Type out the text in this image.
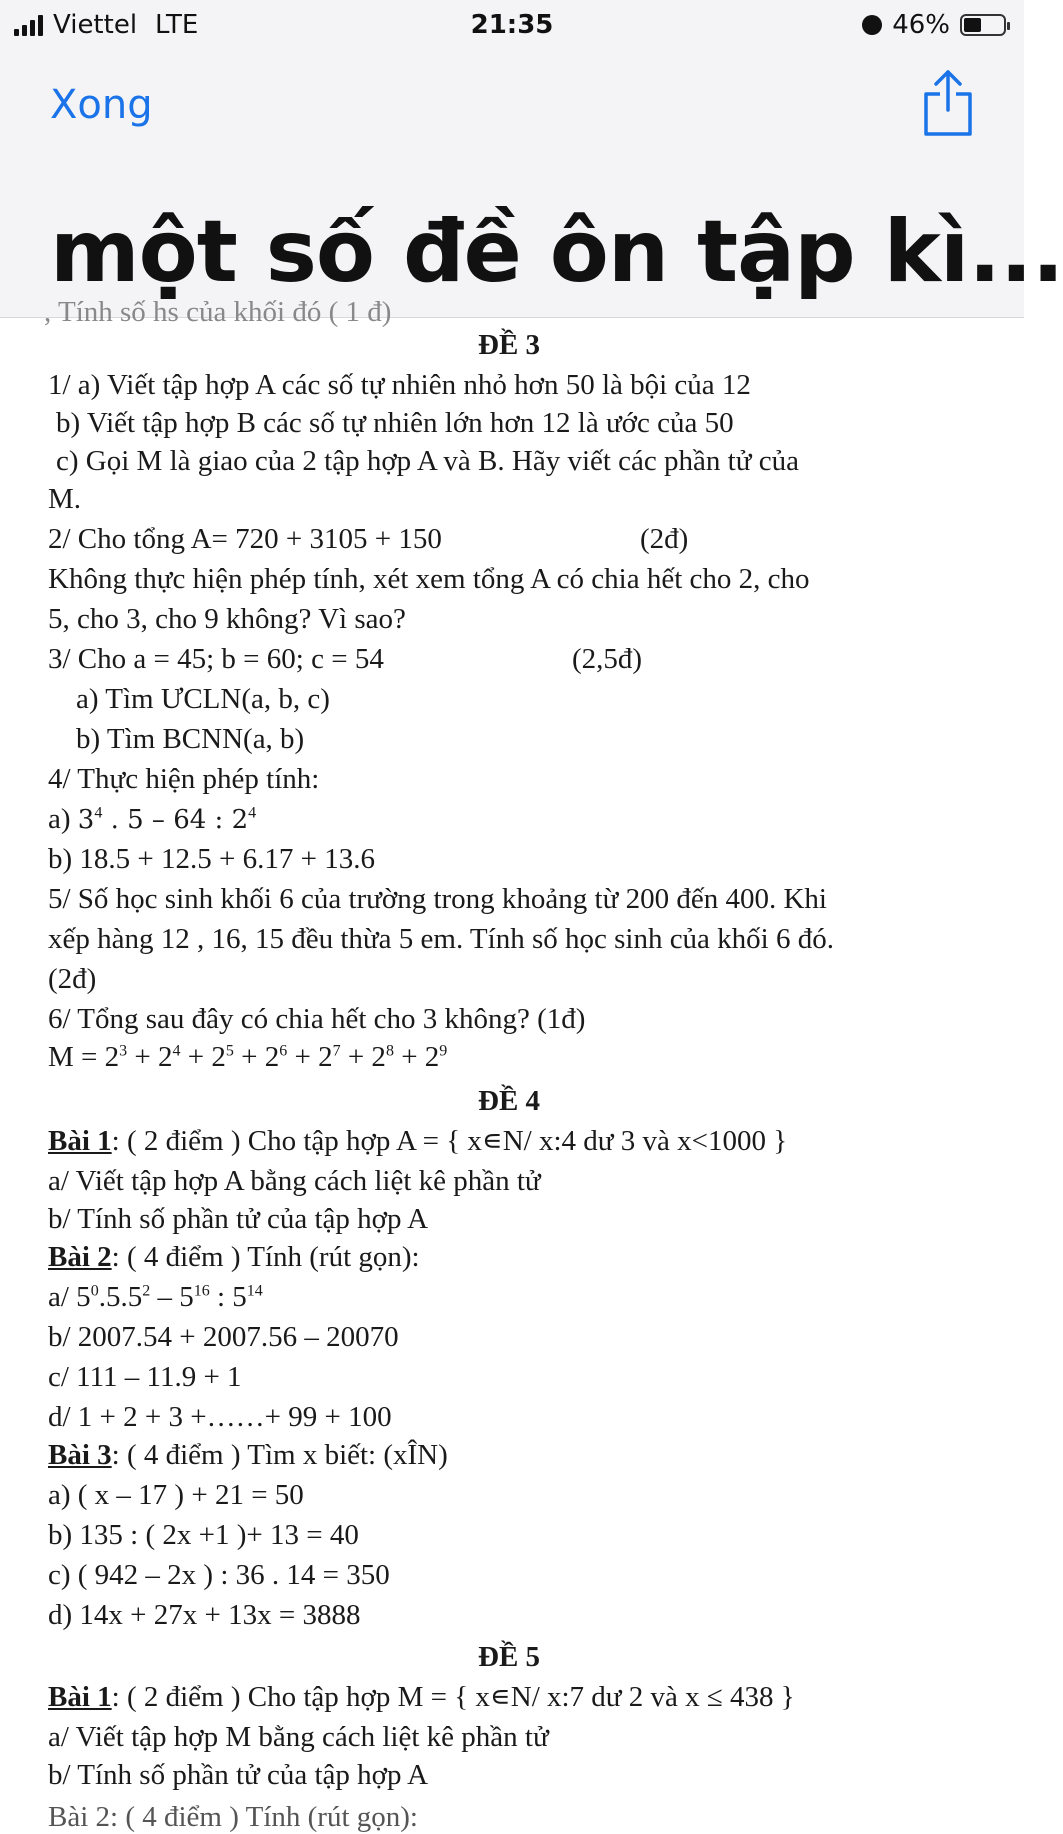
Viettel LTE	21:35	46%
Xong
một số đề ôn tập kì...
, Tính số hs của khối đó ( 1 đ)
ĐỀ 3
1/ a) Viết tập hợp A các số tự nhiên nhỏ hơn 50 là bội của 12
b) Viết tập hợp B các số tự nhiên lớn hơn 12 là ước của 50
c) Gọi M là giao của 2 tập hợp A và B. Hãy viết các phần tử của
M.
2/ Cho tổng A= 720 + 3105 + 150	(2đ)
Không thực hiện phép tính, xét xem tổng A có chia hết cho 2, cho
5, cho 3, cho 9 không? Vì sao?
3/ Cho a = 45; b = 60; c = 54	(2,5đ)
a) Tìm ƯCLN(a, b, c)
b) Tìm BCNN(a, b)
4/ Thực hiện phép tính:
a) $3^4$ . 5 – 64 : $2^4$
b) 18.5 + 12.5 + 6.17 + 13.6
5/ Số học sinh khối 6 của trường trong khoảng từ 200 đến 400. Khi
xếp hàng 12 , 16, 15 đều thừa 5 em. Tính số học sinh của khối 6 đó.
(2đ)
6/ Tổng sau đây có chia hết cho 3 không? (1đ)
$M = 2^3 + 2^4 + 2^5 + 2^6 + 2^7 + 2^8 + 2^9$
ĐỀ 4
Bài 1: ( 2 điểm ) Cho tập hợp A = { x∊N/ x:4 dư 3 và x<1000 }
a/ Viết tập hợp A bằng cách liệt kê phần tử
b/ Tính số phần tử của tập hợp A
Bài 2: ( 4 điểm ) Tính (rút gọn):
a/ $5^0.5.5^2 - 5^{16}$ : $5^{14}$
b/ 2007.54 + 2007.56 – 20070
c/ 111 – 11.9 + 1
d/ 1 + 2 + 3 +……+ 99 + 100
Bài 3: ( 4 điểm ) Tìm x biết: (xÎN)
a) ( x – 17 ) + 21 = 50
b) 135 : ( 2x +1 )+ 13 = 40
c) ( 942 – 2x ) : 36 . 14 = 350
d) 14x + 27x + 13x = 3888
ĐỀ 5
Bài 1: ( 2 điểm ) Cho tập hợp M = { x∊N/ x:7 dư 2 và x ≤ 438 }
a/ Viết tập hợp M bằng cách liệt kê phần tử
b/ Tính số phần tử của tập hợp A
Bài 2: ( 4 điểm ) Tính (rút gọn):
